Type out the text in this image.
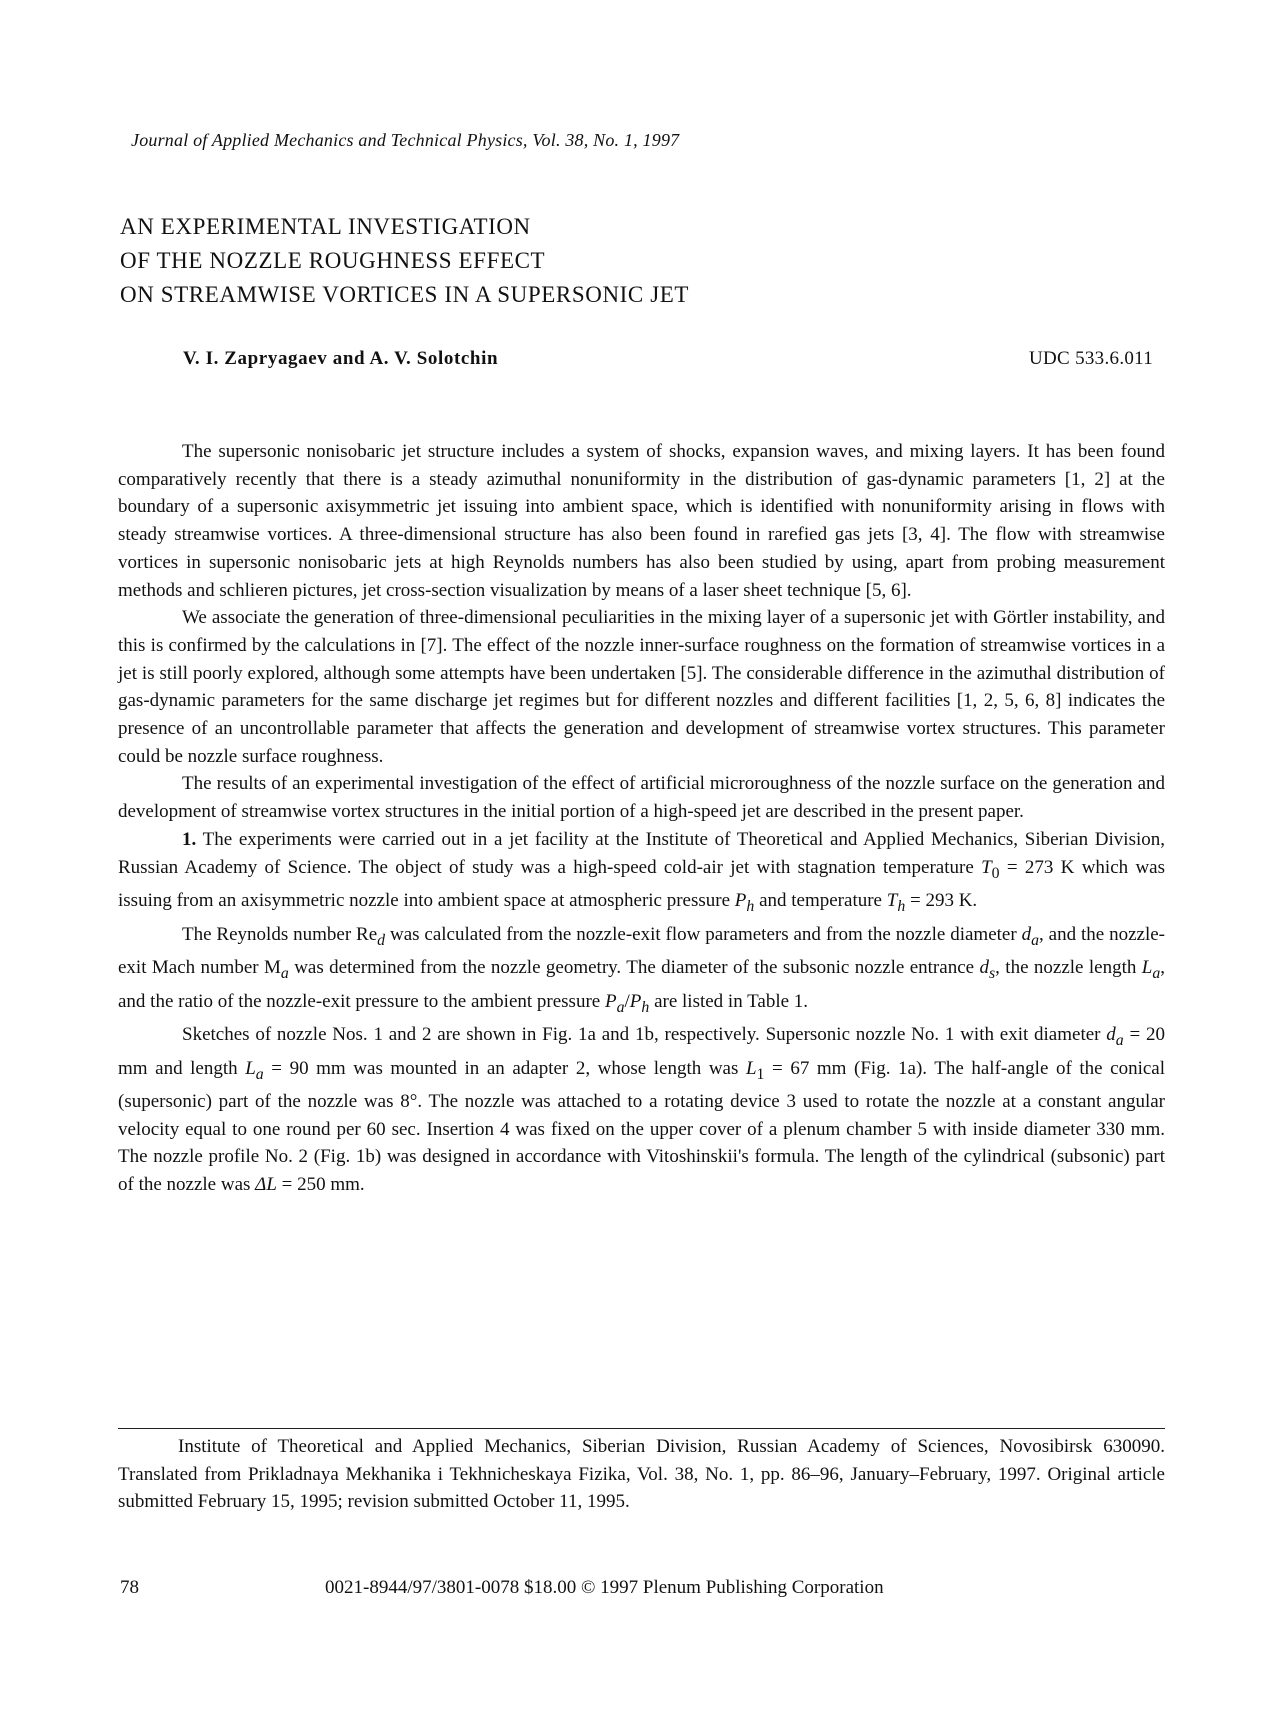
Journal of Applied Mechanics and Technical Physics, Vol. 38, No. 1, 1997
AN EXPERIMENTAL INVESTIGATION
OF THE NOZZLE ROUGHNESS EFFECT
ON STREAMWISE VORTICES IN A SUPERSONIC JET
V. I. Zapryagaev and A. V. Solotchin	UDC 533.6.011

The supersonic nonisobaric jet structure includes a system of shocks, expansion waves, and mixing layers. It has been found comparatively recently that there is a steady azimuthal nonuniformity in the distribution of gas-dynamic parameters [1, 2] at the boundary of a supersonic axisymmetric jet issuing into ambient space, which is identified with nonuniformity arising in flows with steady streamwise vortices. A three-dimensional structure has also been found in rarefied gas jets [3, 4]. The flow with streamwise vortices in supersonic nonisobaric jets at high Reynolds numbers has also been studied by using, apart from probing measurement methods and schlieren pictures, jet cross-section visualization by means of a laser sheet technique [5, 6].

We associate the generation of three-dimensional peculiarities in the mixing layer of a supersonic jet with Görtler instability, and this is confirmed by the calculations in [7]. The effect of the nozzle inner-surface roughness on the formation of streamwise vortices in a jet is still poorly explored, although some attempts have been undertaken [5]. The considerable difference in the azimuthal distribution of gas-dynamic parameters for the same discharge jet regimes but for different nozzles and different facilities [1, 2, 5, 6, 8] indicates the presence of an uncontrollable parameter that affects the generation and development of streamwise vortex structures. This parameter could be nozzle surface roughness.

The results of an experimental investigation of the effect of artificial microroughness of the nozzle surface on the generation and development of streamwise vortex structures in the initial portion of a high-speed jet are described in the present paper.

1. The experiments were carried out in a jet facility at the Institute of Theoretical and Applied Mechanics, Siberian Division, Russian Academy of Science. The object of study was a high-speed cold-air jet with stagnation temperature $T_0 = 273$ K which was issuing from an axisymmetric nozzle into ambient space at atmospheric pressure $P_h$ and temperature $T_h = 293$ K.

The Reynolds number $Re_d$ was calculated from the nozzle-exit flow parameters and from the nozzle diameter $d_a$, and the nozzle-exit Mach number $M_a$ was determined from the nozzle geometry. The diameter of the subsonic nozzle entrance $d_s$, the nozzle length $L_a$, and the ratio of the nozzle-exit pressure to the ambient pressure $P_a/P_h$ are listed in Table 1.

Sketches of nozzle Nos. 1 and 2 are shown in Fig. 1a and 1b, respectively. Supersonic nozzle No. 1 with exit diameter $d_a = 20$ mm and length $L_a = 90$ mm was mounted in an adapter 2, whose length was $L_1 = 67$ mm (Fig. 1a). The half-angle of the conical (supersonic) part of the nozzle was 8°. The nozzle was attached to a rotating device 3 used to rotate the nozzle at a constant angular velocity equal to one round per 60 sec. Insertion 4 was fixed on the upper cover of a plenum chamber 5 with inside diameter 330 mm. The nozzle profile No. 2 (Fig. 1b) was designed in accordance with Vitoshinskii's formula. The length of the cylindrical (subsonic) part of the nozzle was ΔL = 250 mm.

Institute of Theoretical and Applied Mechanics, Siberian Division, Russian Academy of Sciences, Novosibirsk 630090. Translated from Prikladnaya Mekhanika i Tekhnicheskaya Fizika, Vol. 38, No. 1, pp. 86–96, January–February, 1997. Original article submitted February 15, 1995; revision submitted October 11, 1995.
78	0021-8944/97/3801-0078 $18.00 © 1997 Plenum Publishing Corporation
